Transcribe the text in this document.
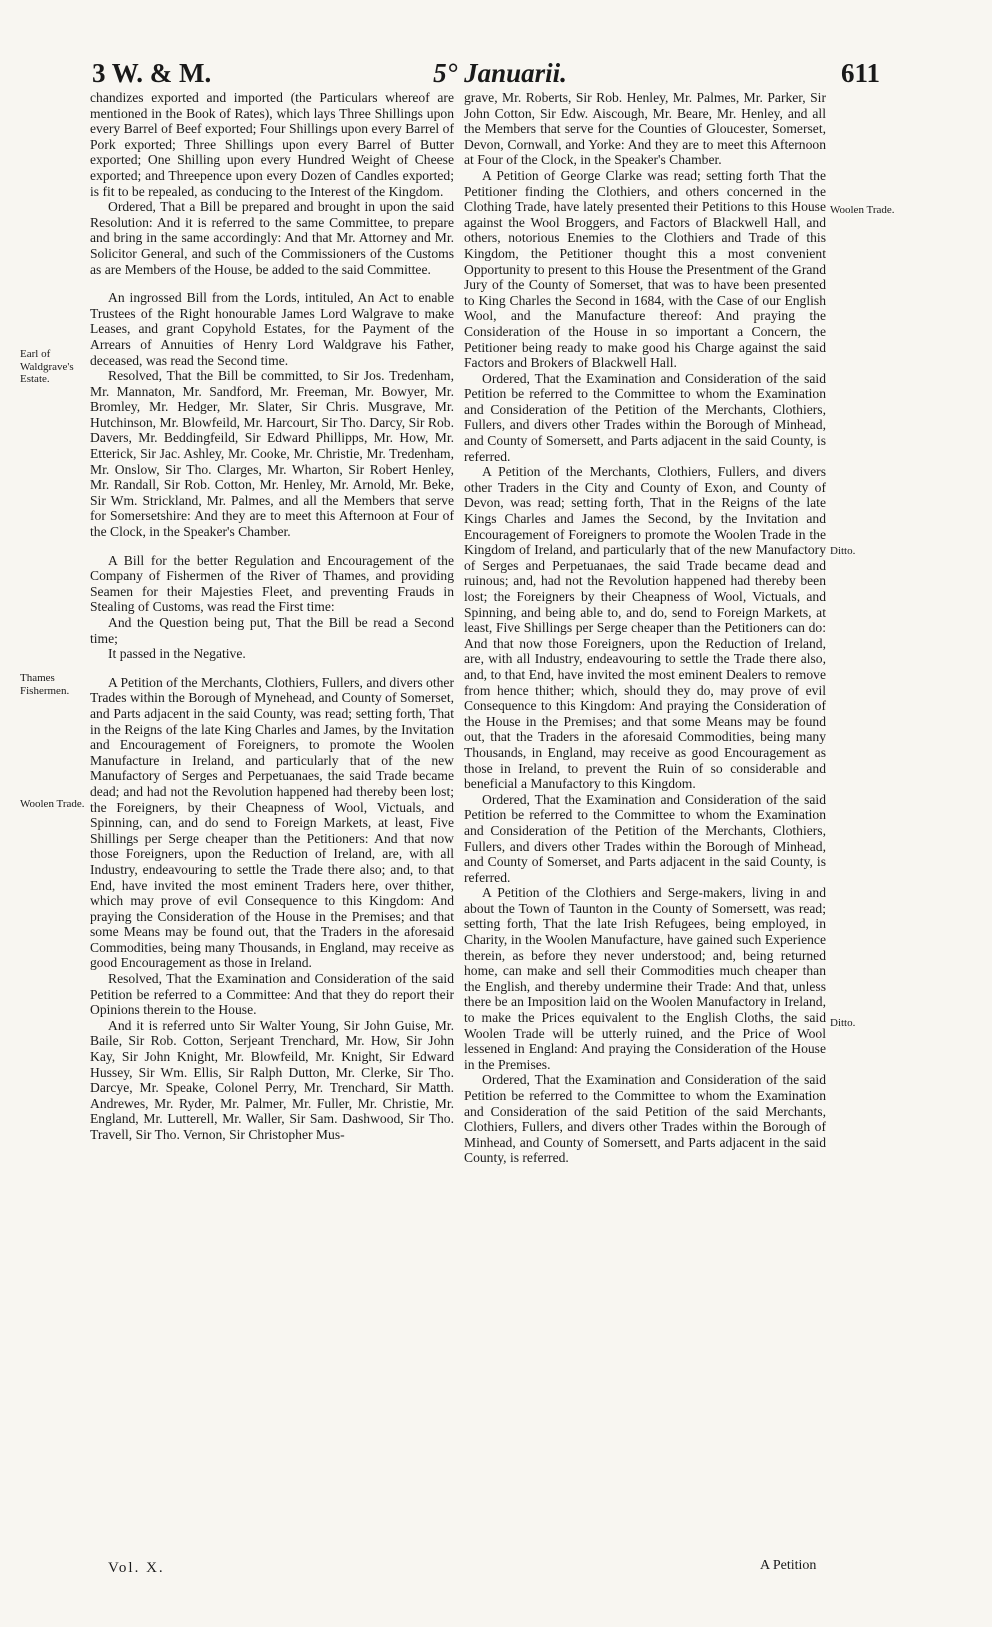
3 W. & M.	5° Januarii.	611
Earl of Waldgrave's Estate.
Thames Fishermen.
Woolen Trade.
Woolen Trade.
Ditto.
Ditto.

chandizes exported and imported (the Particulars whereof are mentioned in the Book of Rates), which lays Three Shillings upon every Barrel of Beef exported; Four Shillings upon every Barrel of Pork exported; Three Shillings upon every Barrel of Butter exported; One Shilling upon every Hundred Weight of Cheese exported; and Threepence upon every Dozen of Candles exported; is fit to be repealed, as conducing to the Interest of the Kingdom.

Ordered, That a Bill be prepared and brought in upon the said Resolution: And it is referred to the same Committee, to prepare and bring in the same accordingly: And that Mr. Attorney and Mr. Solicitor General, and such of the Commissioners of the Customs as are Members of the House, be added to the said Committee.

An ingrossed Bill from the Lords, intituled, An Act to enable Trustees of the Right honourable James Lord Walgrave to make Leases, and grant Copyhold Estates, for the Payment of the Arrears of Annuities of Henry Lord Waldgrave his Father, deceased, was read the Second time.

Resolved, That the Bill be committed, to Sir Jos. Tredenham, Mr. Mannaton, Mr. Sandford, Mr. Freeman, Mr. Bowyer, Mr. Bromley, Mr. Hedger, Mr. Slater, Sir Chris. Musgrave, Mr. Hutchinson, Mr. Blowfeild, Mr. Harcourt, Sir Tho. Darcy, Sir Rob. Davers, Mr. Beddingfeild, Sir Edward Phillipps, Mr. How, Mr. Etterick, Sir Jac. Ashley, Mr. Cooke, Mr. Christie, Mr. Tredenham, Mr. Onslow, Sir Tho. Clarges, Mr. Wharton, Sir Robert Henley, Mr. Randall, Sir Rob. Cotton, Mr. Henley, Mr. Arnold, Mr. Beke, Sir Wm. Strickland, Mr. Palmes, and all the Members that serve for Somersetshire: And they are to meet this Afternoon at Four of the Clock, in the Speaker's Chamber.

A Bill for the better Regulation and Encouragement of the Company of Fishermen of the River of Thames, and providing Seamen for their Majesties Fleet, and preventing Frauds in Stealing of Customs, was read the First time:

And the Question being put, That the Bill be read a Second time;

It passed in the Negative.

A Petition of the Merchants, Clothiers, Fullers, and divers other Trades within the Borough of Mynehead, and County of Somerset, and Parts adjacent in the said County, was read; setting forth, That in the Reigns of the late King Charles and James, by the Invitation and Encouragement of Foreigners, to promote the Woolen Manufacture in Ireland, and particularly that of the new Manufactory of Serges and Perpetuanaes, the said Trade became dead; and had not the Revolution happened had thereby been lost; the Foreigners, by their Cheapness of Wool, Victuals, and Spinning, can, and do send to Foreign Markets, at least, Five Shillings per Serge cheaper than the Petitioners: And that now those Foreigners, upon the Reduction of Ireland, are, with all Industry, endeavouring to settle the Trade there also; and, to that End, have invited the most eminent Traders here, over thither, which may prove of evil Consequence to this Kingdom: And praying the Consideration of the House in the Premises; and that some Means may be found out, that the Traders in the aforesaid Commodities, being many Thousands, in England, may receive as good Encouragement as those in Ireland.

Resolved, That the Examination and Consideration of the said Petition be referred to a Committee: And that they do report their Opinions therein to the House.

And it is referred unto Sir Walter Young, Sir John Guise, Mr. Baile, Sir Rob. Cotton, Serjeant Trenchard, Mr. How, Sir John Kay, Sir John Knight, Mr. Blowfeild, Mr. Knight, Sir Edward Hussey, Sir Wm. Ellis, Sir Ralph Dutton, Mr. Clerke, Sir Tho. Darcye, Mr. Speake, Colonel Perry, Mr. Trenchard, Sir Matth. Andrewes, Mr. Ryder, Mr. Palmer, Mr. Fuller, Mr. Christie, Mr. England, Mr. Lutterell, Mr. Waller, Sir Sam. Dashwood, Sir Tho. Travell, Sir Tho. Vernon, Sir Christopher Mus-

grave, Mr. Roberts, Sir Rob. Henley, Mr. Palmes, Mr. Parker, Sir John Cotton, Sir Edw. Aiscough, Mr. Beare, Mr. Henley, and all the Members that serve for the Counties of Gloucester, Somerset, Devon, Cornwall, and Yorke: And they are to meet this Afternoon at Four of the Clock, in the Speaker's Chamber.

A Petition of George Clarke was read; setting forth That the Petitioner finding the Clothiers, and others concerned in the Clothing Trade, have lately presented their Petitions to this House against the Wool Broggers, and Factors of Blackwell Hall, and others, notorious Enemies to the Clothiers and Trade of this Kingdom, the Petitioner thought this a most convenient Opportunity to present to this House the Presentment of the Grand Jury of the County of Somerset, that was to have been presented to King Charles the Second in 1684, with the Case of our English Wool, and the Manufacture thereof: And praying the Consideration of the House in so important a Concern, the Petitioner being ready to make good his Charge against the said Factors and Brokers of Blackwell Hall.

Ordered, That the Examination and Consideration of the said Petition be referred to the Committee to whom the Examination and Consideration of the Petition of the Merchants, Clothiers, Fullers, and divers other Trades within the Borough of Minhead, and County of Somersett, and Parts adjacent in the said County, is referred.

A Petition of the Merchants, Clothiers, Fullers, and divers other Traders in the City and County of Exon, and County of Devon, was read; setting forth, That in the Reigns of the late Kings Charles and James the Second, by the Invitation and Encouragement of Foreigners to promote the Woolen Trade in the Kingdom of Ireland, and particularly that of the new Manufactory of Serges and Perpetuanaes, the said Trade became dead and ruinous; and, had not the Revolution happened had thereby been lost; the Foreigners by their Cheapness of Wool, Victuals, and Spinning, and being able to, and do, send to Foreign Markets, at least, Five Shillings per Serge cheaper than the Petitioners can do: And that now those Foreigners, upon the Reduction of Ireland, are, with all Industry, endeavouring to settle the Trade there also, and, to that End, have invited the most eminent Dealers to remove from hence thither; which, should they do, may prove of evil Consequence to this Kingdom: And praying the Consideration of the House in the Premises; and that some Means may be found out, that the Traders in the aforesaid Commodities, being many Thousands, in England, may receive as good Encouragement as those in Ireland, to prevent the Ruin of so considerable and beneficial a Manufactory to this Kingdom.

Ordered, That the Examination and Consideration of the said Petition be referred to the Committee to whom the Examination and Consideration of the Petition of the Merchants, Clothiers, Fullers, and divers other Trades within the Borough of Minhead, and County of Somerset, and Parts adjacent in the said County, is referred.

A Petition of the Clothiers and Serge-makers, living in and about the Town of Taunton in the County of Somersett, was read; setting forth, That the late Irish Refugees, being employed, in Charity, in the Woolen Manufacture, have gained such Experience therein, as before they never understood; and, being returned home, can make and sell their Commodities much cheaper than the English, and thereby undermine their Trade: And that, unless there be an Imposition laid on the Woolen Manufactory in Ireland, to make the Prices equivalent to the English Cloths, the said Woolen Trade will be utterly ruined, and the Price of Wool lessened in England: And praying the Consideration of the House in the Premises.

Ordered, That the Examination and Consideration of the said Petition be referred to the Committee to whom the Examination and Consideration of the said Petition of the said Merchants, Clothiers, Fullers, and divers other Trades within the Borough of Minhead, and County of Somersett, and Parts adjacent in the said County, is referred.

Vol. X.	A Petition
